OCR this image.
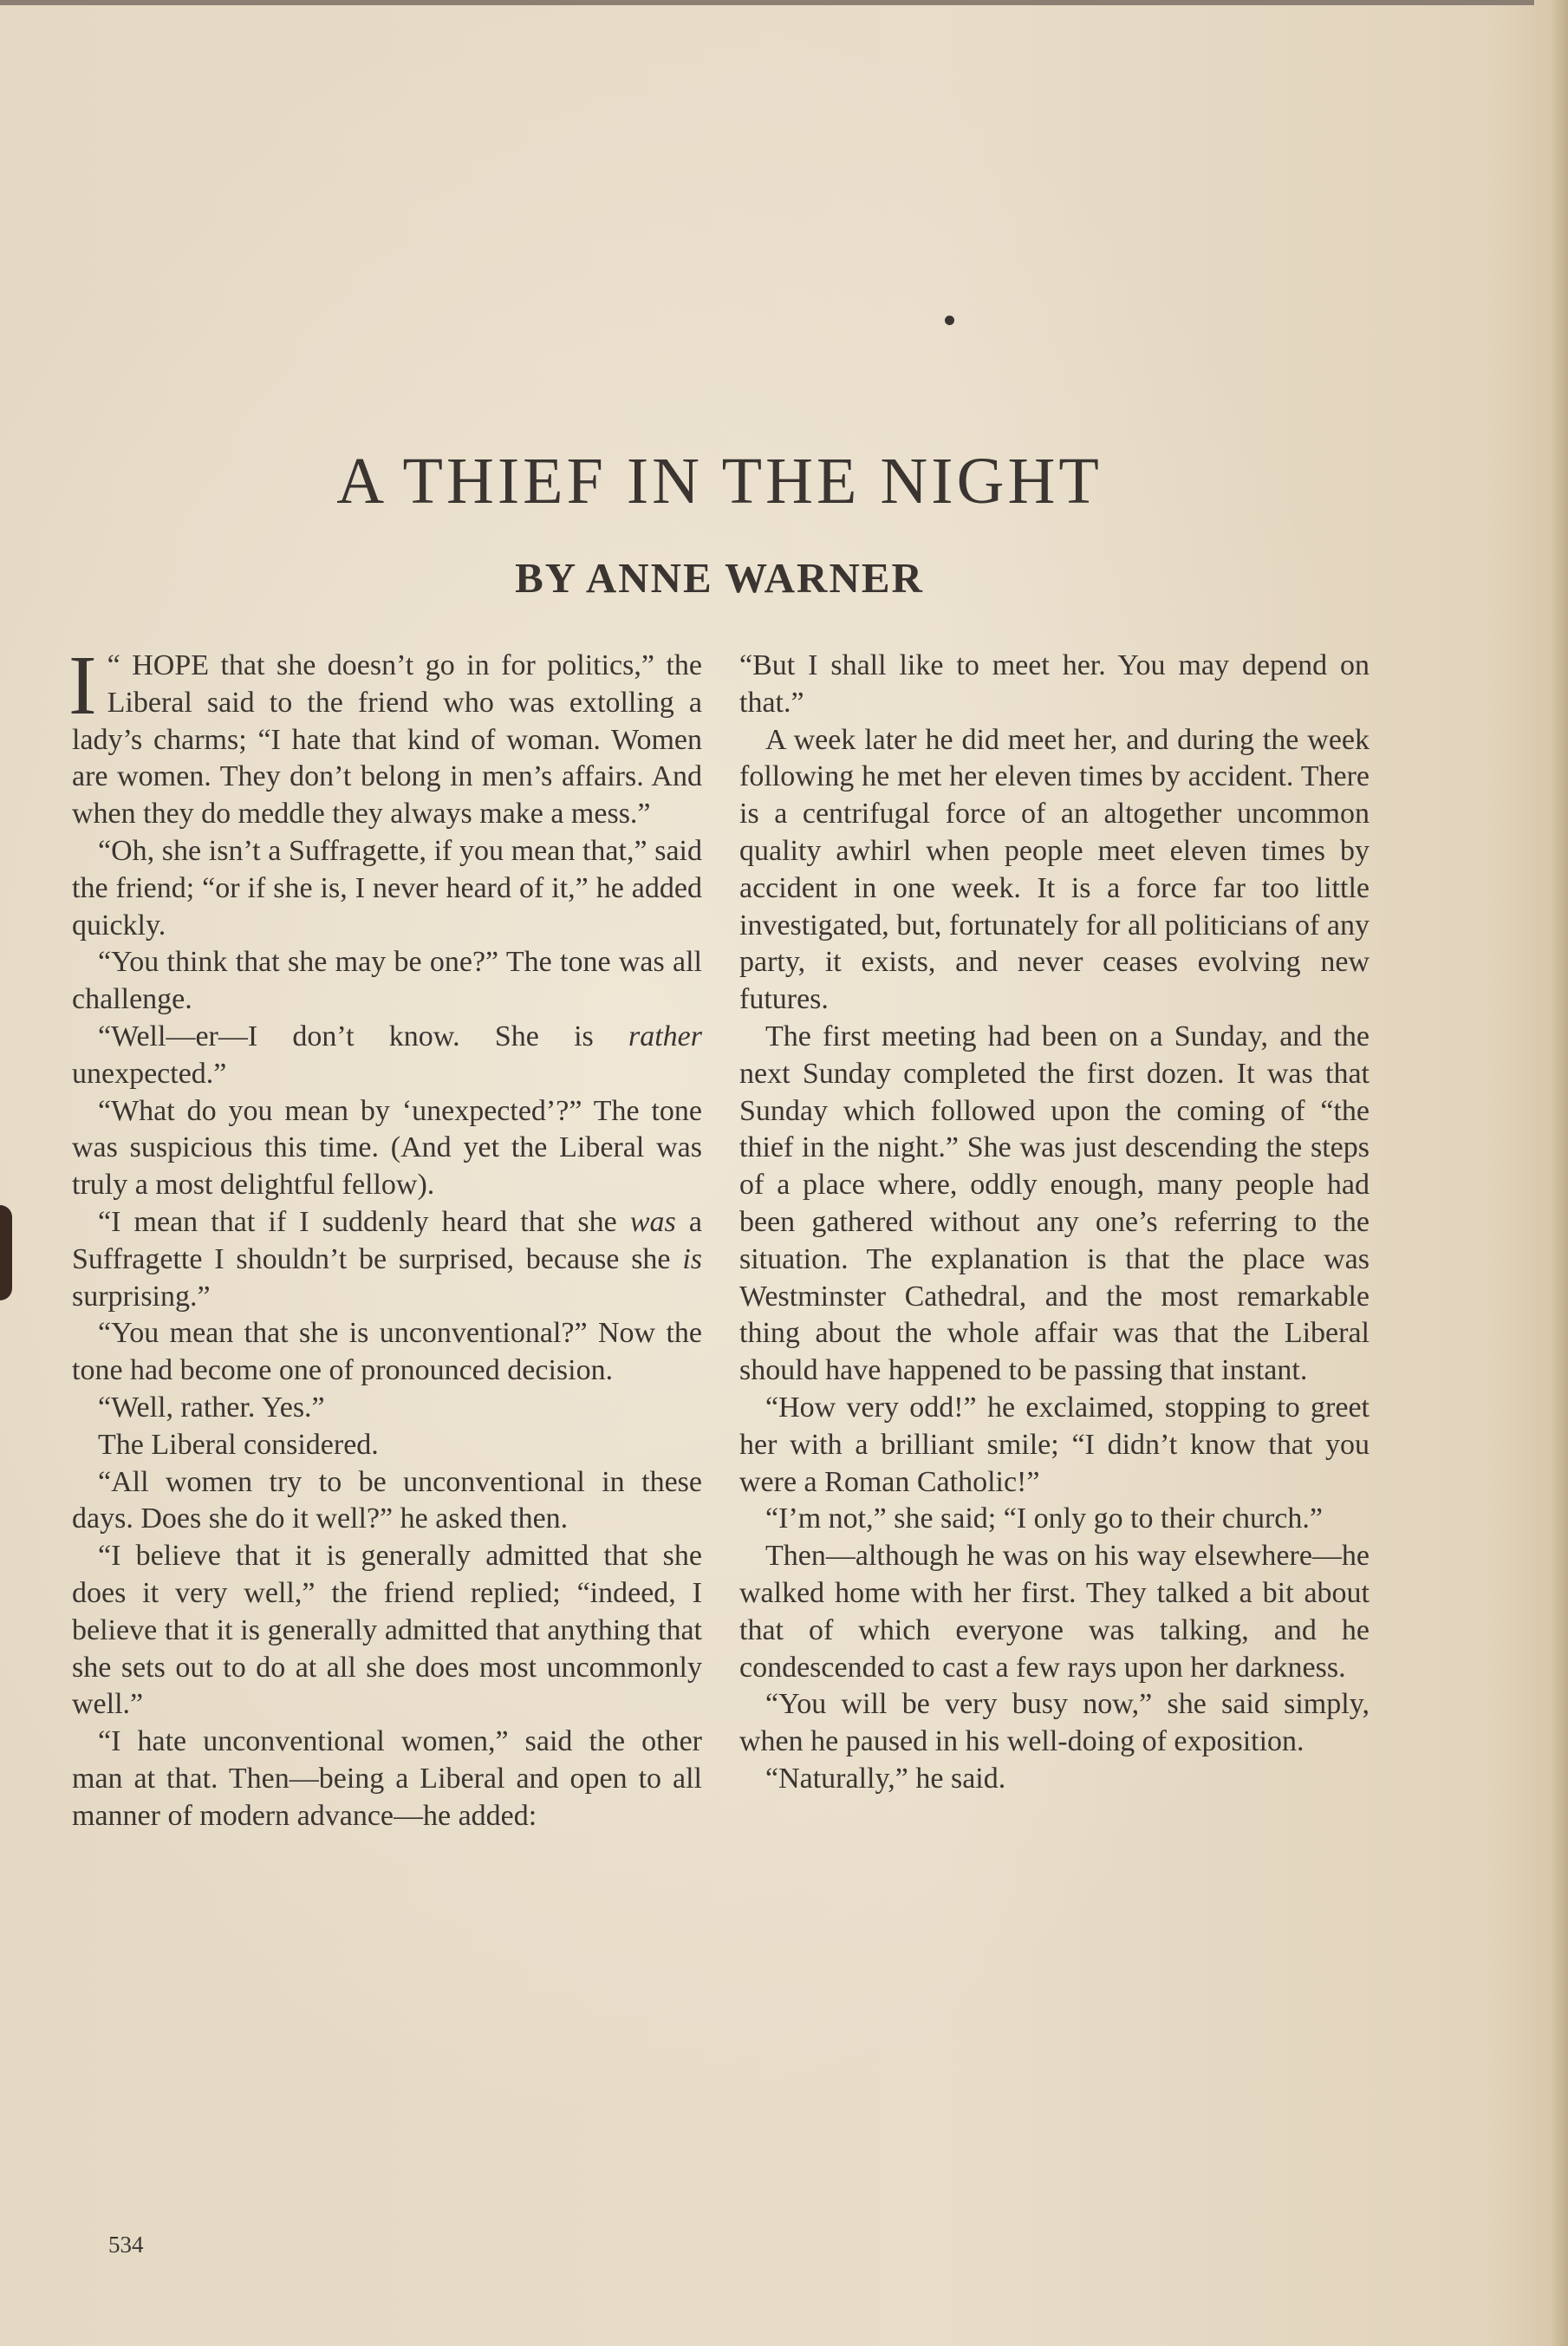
A THIEF IN THE NIGHT
BY ANNE WARNER

“
I HOPE that she doesn’t go in for politics,” the Liberal said to the friend who was extolling a lady’s charms; “I hate that kind of woman. Women are women. They don’t belong in men’s affairs. And when they do meddle they always make a mess.”

“Oh, she isn’t a Suffragette, if you mean that,” said the friend; “or if she is, I never heard of it,” he added quickly.

“You think that she may be one?” The tone was all challenge.

“Well—er—I don’t know. She is rather unexpected.”

“What do you mean by ‘unexpected’?” The tone was suspicious this time. (And yet the Liberal was truly a most delightful fellow).

“I mean that if I suddenly heard that she was a Suffragette I shouldn’t be surprised, because she is surprising.”

“You mean that she is unconventional?” Now the tone had become one of pronounced decision.

“Well, rather. Yes.”

The Liberal considered.

“All women try to be unconventional in these days. Does she do it well?” he asked then.

“I believe that it is generally admitted that she does it very well,” the friend replied; “indeed, I believe that it is generally admitted that anything that she sets out to do at all she does most uncommonly well.”

“I hate unconventional women,” said the other man at that. Then—being a Liberal and open to all manner of modern advance—he added:

“But I shall like to meet her. You may depend on that.”

A week later he did meet her, and during the week following he met her eleven times by accident. There is a centrifugal force of an altogether uncommon quality awhirl when people meet eleven times by accident in one week. It is a force far too little investigated, but, fortunately for all politicians of any party, it exists, and never ceases evolving new futures.

The first meeting had been on a Sunday, and the next Sunday completed the first dozen. It was that Sunday which followed upon the coming of “the thief in the night.” She was just descending the steps of a place where, oddly enough, many people had been gathered without any one’s referring to the situation. The explanation is that the place was Westminster Cathedral, and the most remarkable thing about the whole affair was that the Liberal should have happened to be passing that instant.

“How very odd!” he exclaimed, stopping to greet her with a brilliant smile; “I didn’t know that you were a Roman Catholic!”

“I’m not,” she said; “I only go to their church.”

Then—although he was on his way elsewhere—he walked home with her first. They talked a bit about that of which everyone was talking, and he condescended to cast a few rays upon her darkness.

“You will be very busy now,” she said simply, when he paused in his well-doing of exposition.

“Naturally,” he said.

534
